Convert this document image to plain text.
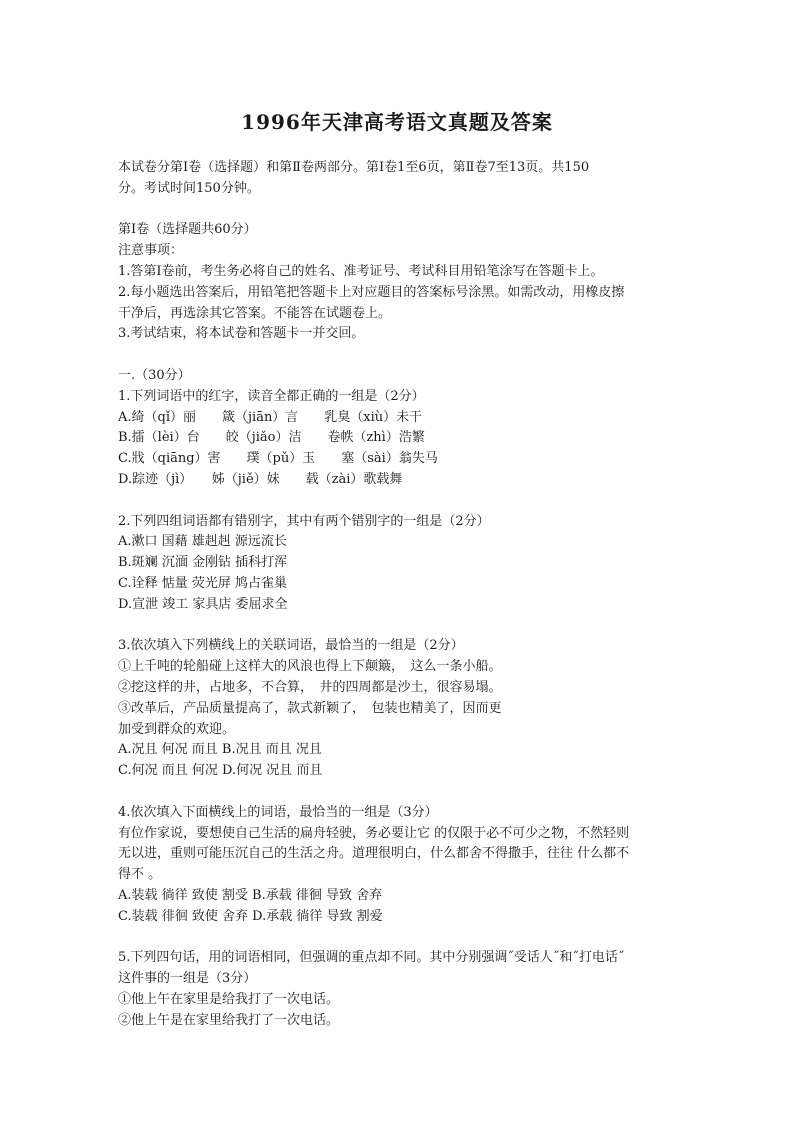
1996年天津高考语文真题及答案
本试卷分第Ⅰ卷（选择题）和第Ⅱ卷两部分。第Ⅰ卷1至6页，第Ⅱ卷7至13页。共150
分。考试时间150分钟。
第Ⅰ卷（选择题共60分）
注意事项：
1.答第Ⅰ卷前，考生务必将自己的姓名、准考证号、考试科目用铅笔涂写在答题卡上。
2.每小题选出答案后，用铅笔把答题卡上对应题目的答案标号涂黑。如需改动，用橡皮擦
干净后，再选涂其它答案。不能答在试题卷上。
3.考试结束，将本试卷和答题卡一并交回。
一.（30分）
1.下列词语中的红字，读音全都正确的一组是（2分）
A.绮（qǐ）丽　　箴（jiān）言　　乳臭（xiù）未干
B.擂（lèi）台　　皎（jiǎo）洁　　卷帙（zhì）浩繁
C.戕（qiāng）害　　璞（pǔ）玉　　塞（sài）翁失马
D.踪迹（jì）　　姊（jiě）妹　　载（zài）歌载舞
2.下列四组词语都有错别字，其中有两个错别字的一组是（2分）
A.漱口 国藉 雄赳赳 源远流长
B.斑斓 沉湎 金刚钻 插科打浑
C.诠释 惦量 荧光屏 鸠占雀巢
D.宣泄 竣工 家具店 委屈求全
3.依次填入下列横线上的关联词语，最恰当的一组是（2分）
①上千吨的轮船碰上这样大的风浪也得上下颠簸，　这么一条小船。
②挖这样的井，占地多，不合算，　井的四周都是沙土，很容易塌。
③改革后，产品质量提高了，款式新颖了，　包装也精美了，因而更
加受到群众的欢迎。
A.况且 何况 而且 B.况且 而且 况且
C.何况 而且 何况 D.何况 况且 而且
4.依次填入下面横线上的词语，最恰当的一组是（3分）
有位作家说，要想使自己生活的扁舟轻驶，务必要让它 的仅限于必不可少之物，不然轻则
无以进，重则可能压沉自己的生活之舟。道理很明白，什么都舍不得撒手，往往 什么都不
得不 。
A.装载 徜徉 致使 割受 B.承载 徘徊 导致 舍弃
C.装载 徘徊 致使 舍弃 D.承载 徜徉 导致 割爱
5.下列四句话，用的词语相同，但强调的重点却不同。其中分别强调˝受话人˝和˝打电话˝
这件事的一组是（3分）
①他上午在家里是给我打了一次电话。
②他上午是在家里给我打了一次电话。
